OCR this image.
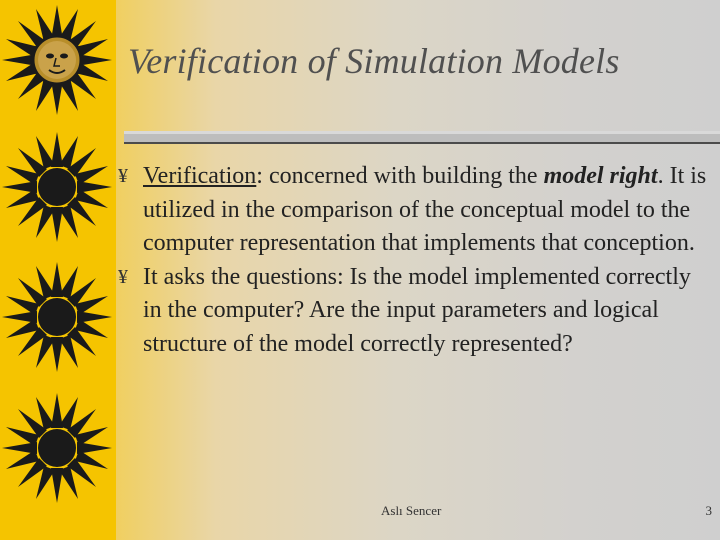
Verification of Simulation Models

¥ Verification: concerned with building the model right. It is utilized in the comparison of the conceptual model to the computer representation that implements that conception.

¥ It asks the questions: Is the model implemented correctly in the computer? Are the input parameters and logical structure of the model correctly represented?

Aslı Sencer	3
